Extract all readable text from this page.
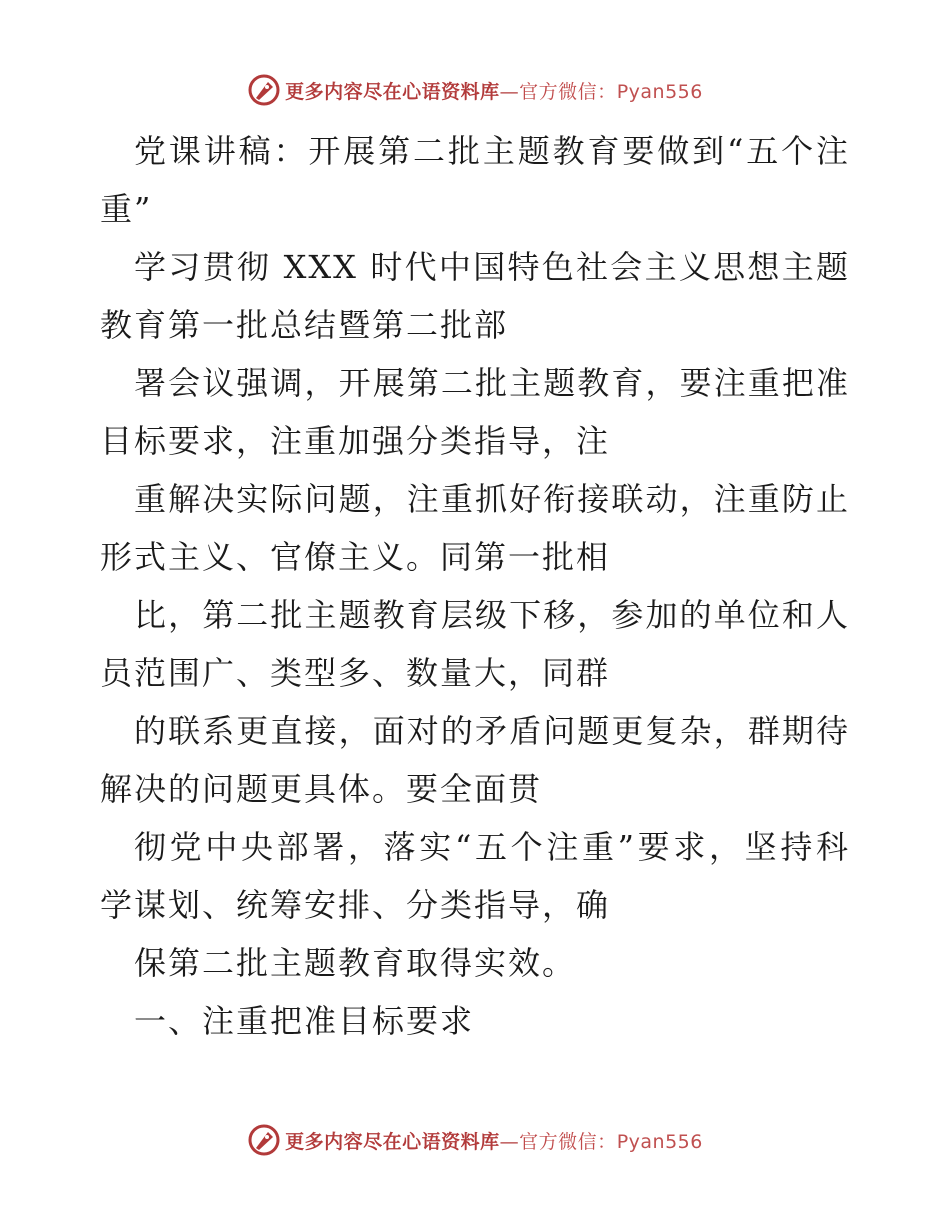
更多内容尽在心语资料库—官方微信：Pyan556

党课讲稿：开展第二批主题教育要做到“五个注重”

学习贯彻 XXX 时代中国特色社会主义思想主题教育第一批总结暨第二批部

署会议强调，开展第二批主题教育，要注重把准目标要求，注重加强分类指导，注

重解决实际问题，注重抓好衔接联动，注重防止形式主义、官僚主义。同第一批相

比，第二批主题教育层级下移，参加的单位和人员范围广、类型多、数量大，同群

的联系更直接，面对的矛盾问题更复杂，群期待解决的问题更具体。要全面贯

彻党中央部署，落实“五个注重”要求，坚持科学谋划、统筹安排、分类指导，确

保第二批主题教育取得实效。

一、注重把准目标要求

更多内容尽在心语资料库—官方微信：Pyan556
